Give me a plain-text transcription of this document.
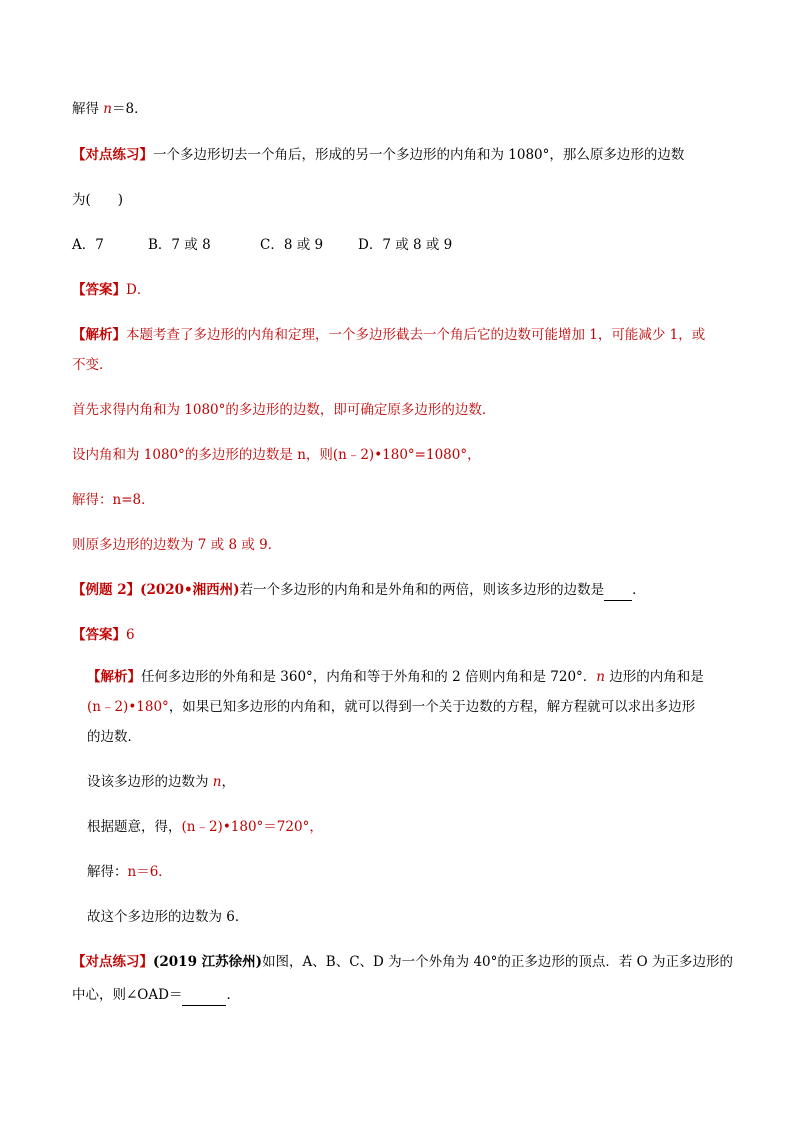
解得 n＝8．
【对点练习】一个多边形切去一个角后，形成的另一个多边形的内角和为 1080°，那么原多边形的边数
为(　　)
A．7	B．7 或 8	C．8 或 9	D．7 或 8 或 9
【答案】D．
【解析】本题考查了多边形的内角和定理，一个多边形截去一个角后它的边数可能增加 1，可能减少 1，或
不变．
首先求得内角和为 1080°的多边形的边数，即可确定原多边形的边数．
设内角和为 1080°的多边形的边数是 n，则(n﹣2)•180°=1080°，
解得：n=8．
则原多边形的边数为 7 或 8 或 9．
【例题 2】(2020•湘西州)若一个多边形的内角和是外角和的两倍，则该多边形的边数是 ．
【答案】6
【解析】任何多边形的外角和是 360°，内角和等于外角和的 2 倍则内角和是 720°．n 边形的内角和是
(n﹣2)•180°，如果已知多边形的内角和，就可以得到一个关于边数的方程，解方程就可以求出多边形
的边数．
设该多边形的边数为 n，
根据题意，得，(n﹣2)•180°＝720°，
解得：n＝6．
故这个多边形的边数为 6．
【对点练习】(2019 江苏徐州)如图，A、B、C、D 为一个外角为 40°的正多边形的顶点．若 O 为正多边形的
中心，则∠OAD＝	．
